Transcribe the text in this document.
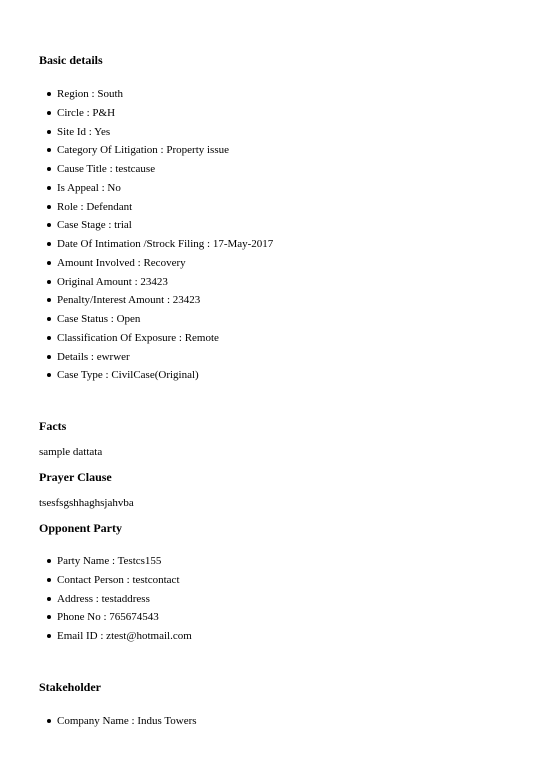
Basic details
Region : South
Circle : P&H
Site Id : Yes
Category Of Litigation : Property issue
Cause Title : testcause
Is Appeal : No
Role : Defendant
Case Stage : trial
Date Of Intimation /Strock Filing : 17-May-2017
Amount Involved : Recovery
Original Amount : 23423
Penalty/Interest Amount : 23423
Case Status : Open
Classification Of Exposure : Remote
Details : ewrwer
Case Type : CivilCase(Original)
Facts

sample dattata

Prayer Clause

tsesfsgshhaghsjahvba

Opponent Party
Party Name : Testcs155
Contact Person : testcontact
Address : testaddress
Phone No : 765674543
Email ID : ztest@hotmail.com
Stakeholder
Company Name : Indus Towers
